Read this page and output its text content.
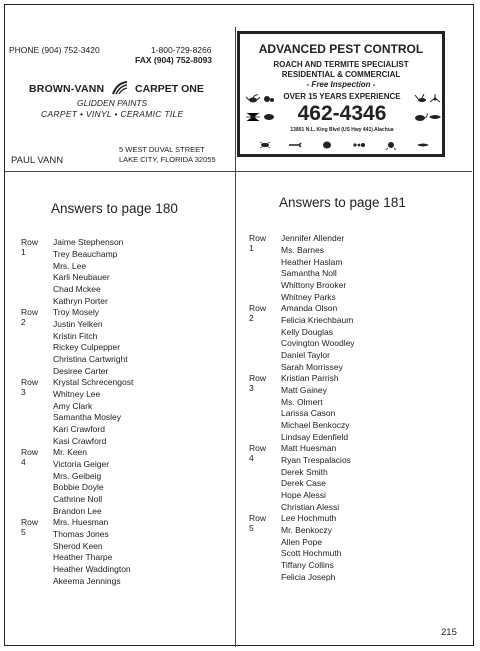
PHONE (904) 752-3420	1-800-729-8266
FAX (904) 752-8093
BROWN-VANN	CARPET ONE
GLIDDEN PAINTS
CARPET • VINYL • CERAMIC TILE
PAUL VANN
5 WEST DUVAL STREET
LAKE CITY, FLORIDA 32055
ADVANCED PEST CONTROL
ROACH AND TERMITE SPECIALIST
RESIDENTIAL & COMMERCIAL
- Free Inspection -
OVER 15 YEARS EXPERIENCE
462-4346
13801 N.L. King Blvd (US Hwy 441) Alachua
Answers to page 180
Row 1
Jaime Stephenson
Trey Beauchamp
Mrs. Lee
Karli Neubauer
Chad Mckee
Kathryn Porter
Row 2
Troy Mosely
Justin Yelken
Kristin Fitch
Rickey Culpepper
Christina Cartwright
Desiree Carter
Row 3
Krystal Schrecengost
Whitney Lee
Amy Clark
Samantha Mosley
Kari Crawford
Kasi Crawford
Row 4
Mr. Keen
Victoria Geiger
Mrs. Geibeig
Bobbie Doyle
Cathrine Noll
Brandon Lee
Row 5
Mrs. Huesman
Thomas Jones
Sherod Keen
Heather Tharpe
Heather Waddington
Akeema Jennings
Answers to page 181
Row 1
Jennifer Allender
Ms. Barnes
Heather Haslam
Samantha Noll
Whittony Brooker
Whitney Parks
Row 2
Amanda Olson
Felicia Kriechbaum
Kelly Douglas
Covington Woodley
Daniel Taylor
Sarah Morrissey
Row 3
Kristian Parrish
Matt Gainey
Ms. Olmert
Larissa Cason
Michael Benkoczy
Lindsay Edenfield
Row 4
Matt Huesman
Ryan Trespalacios
Derek Smith
Derek Case
Hope Alessi
Christian Alessi
Row 5
Lee Hochmuth
Mr. Benkoczy
Allen Pope
Scott Hochmuth
Tiffany Collins
Felicia Joseph
215
